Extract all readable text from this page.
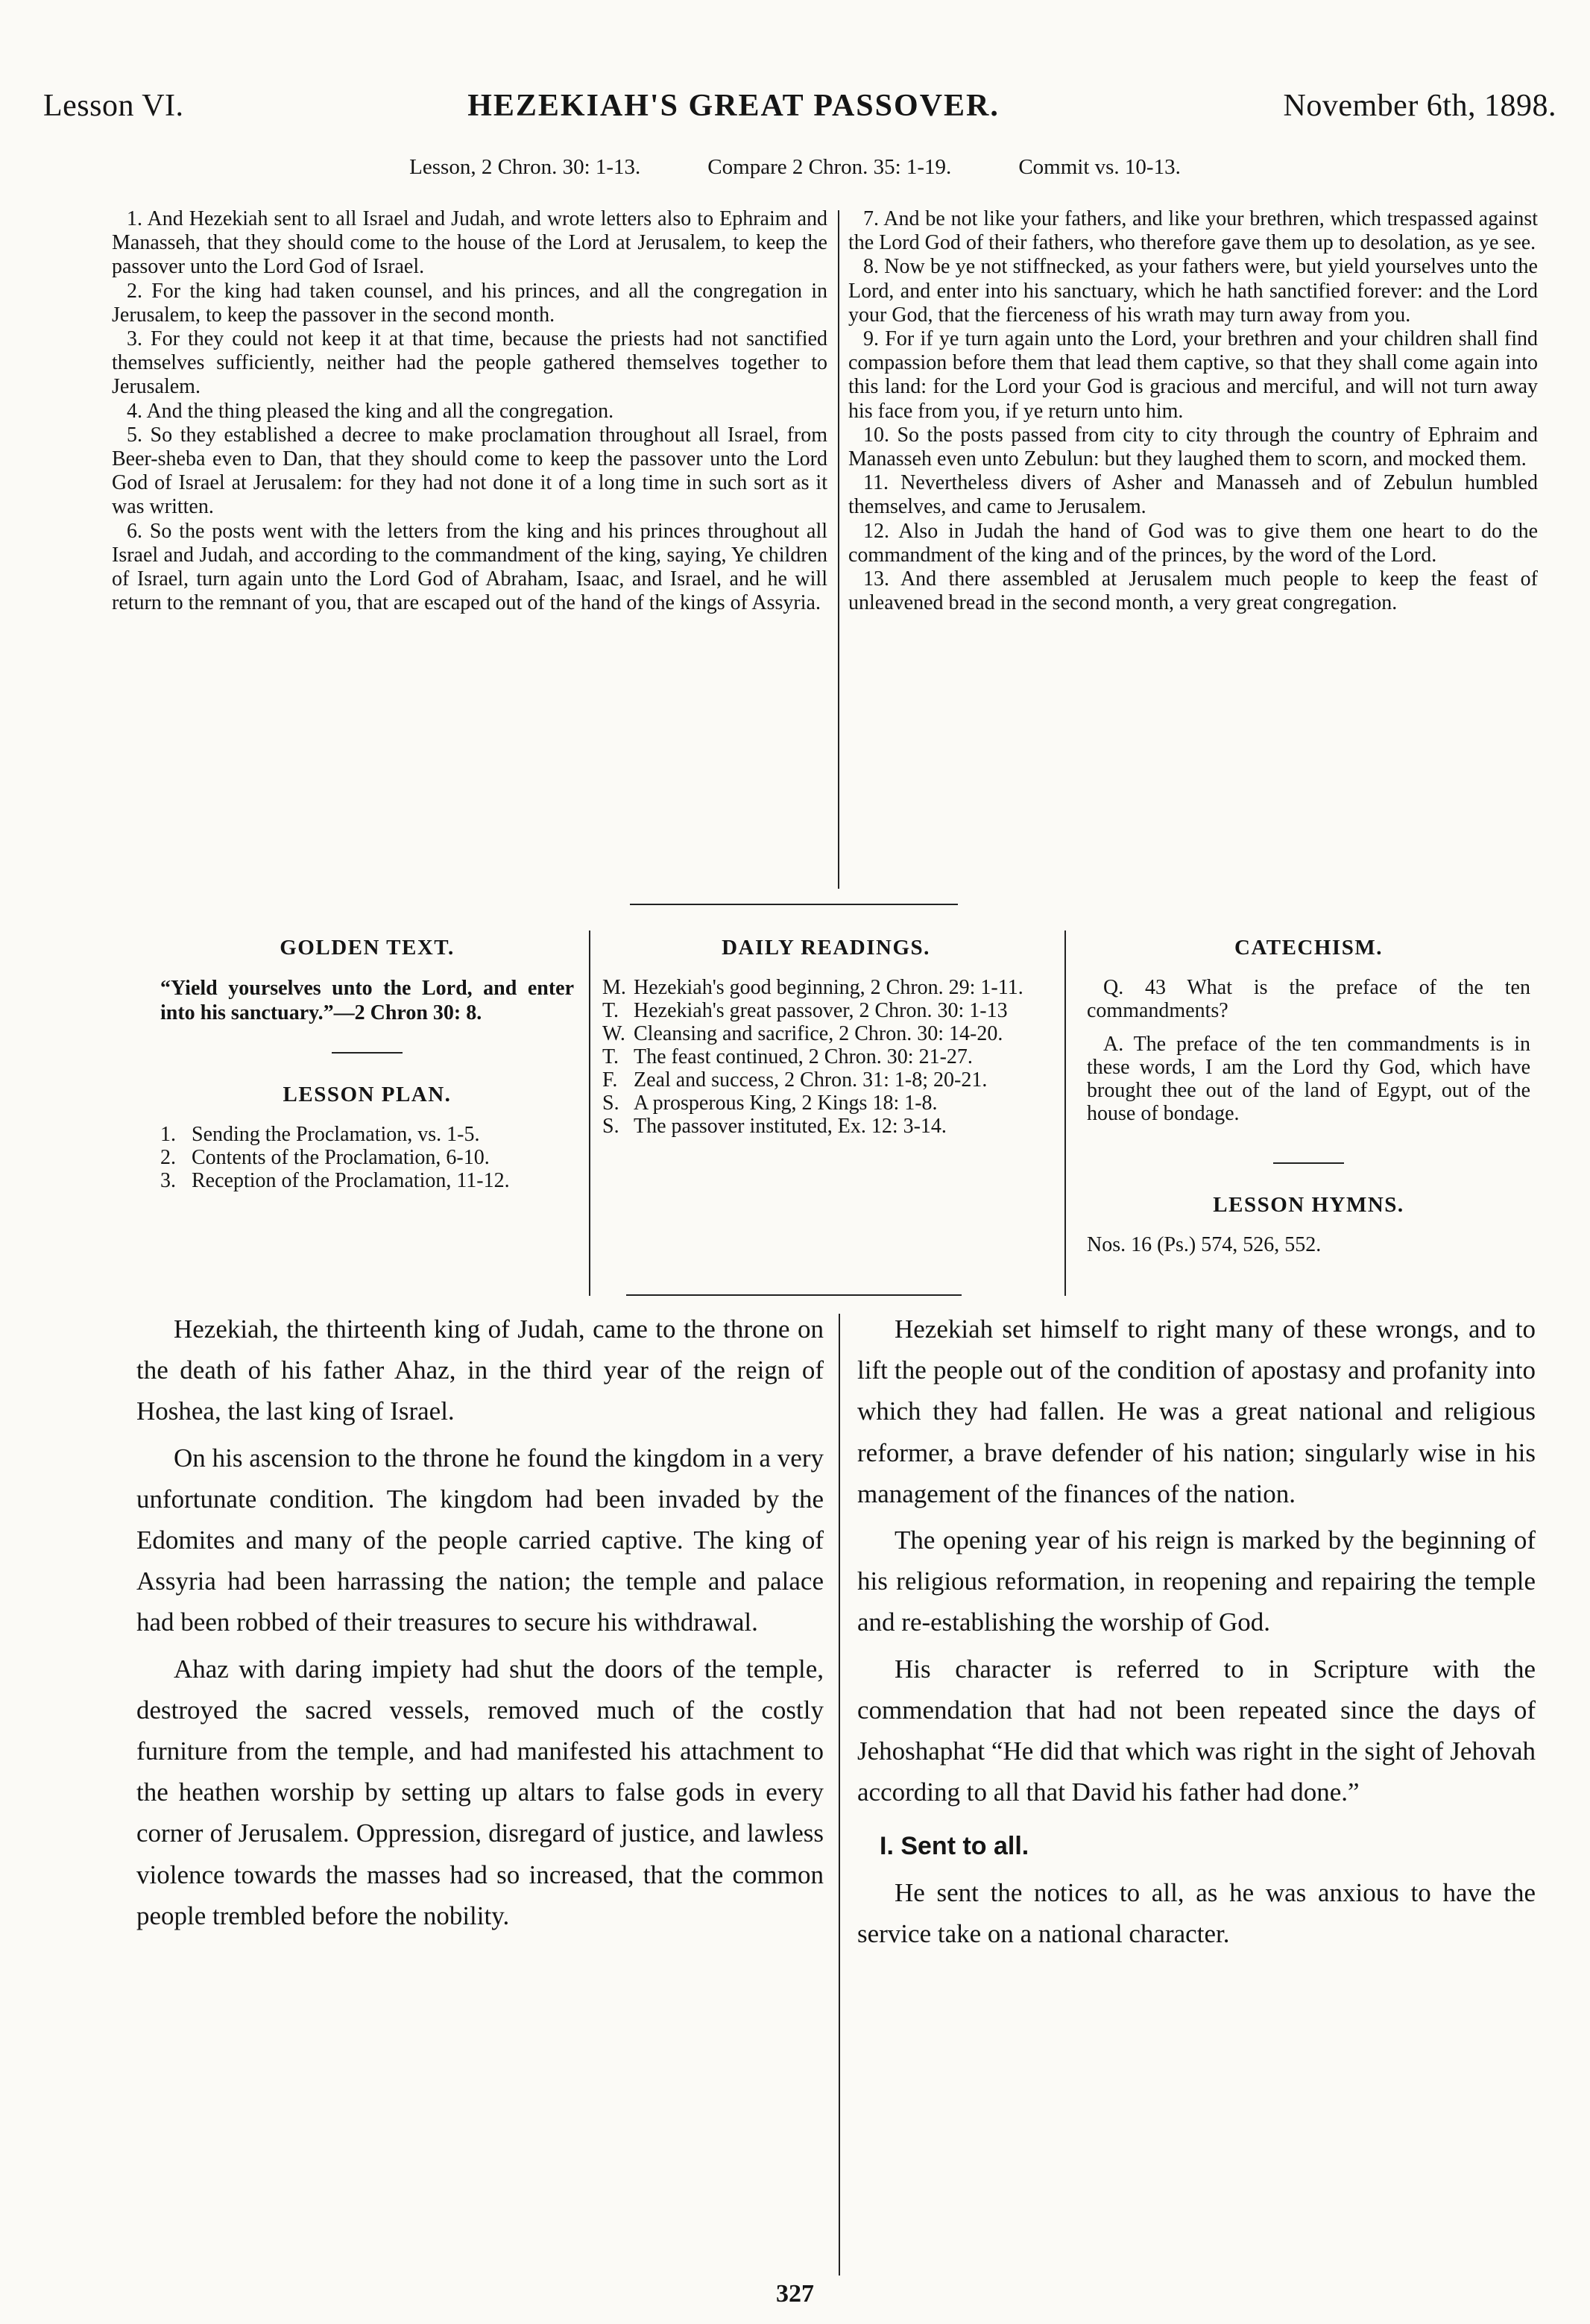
Lesson VI.	HEZEKIAH'S GREAT PASSOVER.	November 6th, 1898.
Lesson, 2 Chron. 30: 1-13.	Compare 2 Chron. 35: 1-19.	Commit vs. 10-13.

1. And Hezekiah sent to all Israel and Judah, and wrote letters also to Ephraim and Manasseh, that they should come to the house of the Lord at Jerusalem, to keep the passover unto the Lord God of Israel.

2. For the king had taken counsel, and his princes, and all the congregation in Jerusalem, to keep the passover in the second month.

3. For they could not keep it at that time, because the priests had not sanctified themselves sufficiently, neither had the people gathered themselves together to Jerusalem.

4. And the thing pleased the king and all the congregation.

5. So they established a decree to make proclamation throughout all Israel, from Beer-sheba even to Dan, that they should come to keep the passover unto the Lord God of Israel at Jerusalem: for they had not done it of a long time in such sort as it was written.

6. So the posts went with the letters from the king and his princes throughout all Israel and Judah, and according to the commandment of the king, saying, Ye children of Israel, turn again unto the Lord God of Abraham, Isaac, and Israel, and he will return to the remnant of you, that are escaped out of the hand of the kings of Assyria.

7. And be not like your fathers, and like your brethren, which trespassed against the Lord God of their fathers, who therefore gave them up to desolation, as ye see.

8. Now be ye not stiffnecked, as your fathers were, but yield yourselves unto the Lord, and enter into his sanctuary, which he hath sanctified forever: and the Lord your God, that the fierceness of his wrath may turn away from you.

9. For if ye turn again unto the Lord, your brethren and your children shall find compassion before them that lead them captive, so that they shall come again into this land: for the Lord your God is gracious and merciful, and will not turn away his face from you, if ye return unto him.

10. So the posts passed from city to city through the country of Ephraim and Manasseh even unto Zebulun: but they laughed them to scorn, and mocked them.

11. Nevertheless divers of Asher and Manasseh and of Zebulun humbled themselves, and came to Jerusalem.

12. Also in Judah the hand of God was to give them one heart to do the commandment of the king and of the princes, by the word of the Lord.

13. And there assembled at Jerusalem much people to keep the feast of unleavened bread in the second month, a very great congregation.

GOLDEN TEXT.
“Yield yourselves unto the Lord, and enter into his sanctuary.”—2 Chron 30: 8.
LESSON PLAN.
1. Sending the Proclamation, vs. 1-5.
2. Contents of the Proclamation, 6-10.
3. Reception of the Proclamation, 11-12.
DAILY READINGS.
M. Hezekiah's good beginning, 2 Chron. 29: 1-11.
T. Hezekiah's great passover, 2 Chron. 30: 1-13
W. Cleansing and sacrifice, 2 Chron. 30: 14-20.
T. The feast continued, 2 Chron. 30: 21-27.
F. Zeal and success, 2 Chron. 31: 1-8; 20-21.
S. A prosperous King, 2 Kings 18: 1-8.
S. The passover instituted, Ex. 12: 3-14.
CATECHISM.

Q. 43 What is the preface of the ten commandments?

A. The preface of the ten commandments is in these words, I am the Lord thy God, which have brought thee out of the land of Egypt, out of the house of bondage.

LESSON HYMNS.
Nos. 16 (Ps.) 574, 526, 552.

Hezekiah, the thirteenth king of Judah, came to the throne on the death of his father Ahaz, in the third year of the reign of Hoshea, the last king of Israel.

On his ascension to the throne he found the kingdom in a very unfortunate condition. The kingdom had been invaded by the Edomites and many of the people carried captive. The king of Assyria had been harrassing the nation; the temple and palace had been robbed of their treasures to secure his withdrawal.

Ahaz with daring impiety had shut the doors of the temple, destroyed the sacred vessels, removed much of the costly furniture from the temple, and had manifested his attachment to the heathen worship by setting up altars to false gods in every corner of Jerusalem. Oppression, disregard of justice, and lawless violence towards the masses had so increased, that the common people trembled before the nobility.

Hezekiah set himself to right many of these wrongs, and to lift the people out of the condition of apostasy and profanity into which they had fallen. He was a great national and religious reformer, a brave defender of his nation; singularly wise in his management of the finances of the nation.

The opening year of his reign is marked by the beginning of his religious reformation, in reopening and repairing the temple and re-establishing the worship of God.

His character is referred to in Scripture with the commendation that had not been repeated since the days of Jehoshaphat “He did that which was right in the sight of Jehovah according to all that David his father had done.”

I. Sent to all.

He sent the notices to all, as he was anxious to have the service take on a national character.

327
